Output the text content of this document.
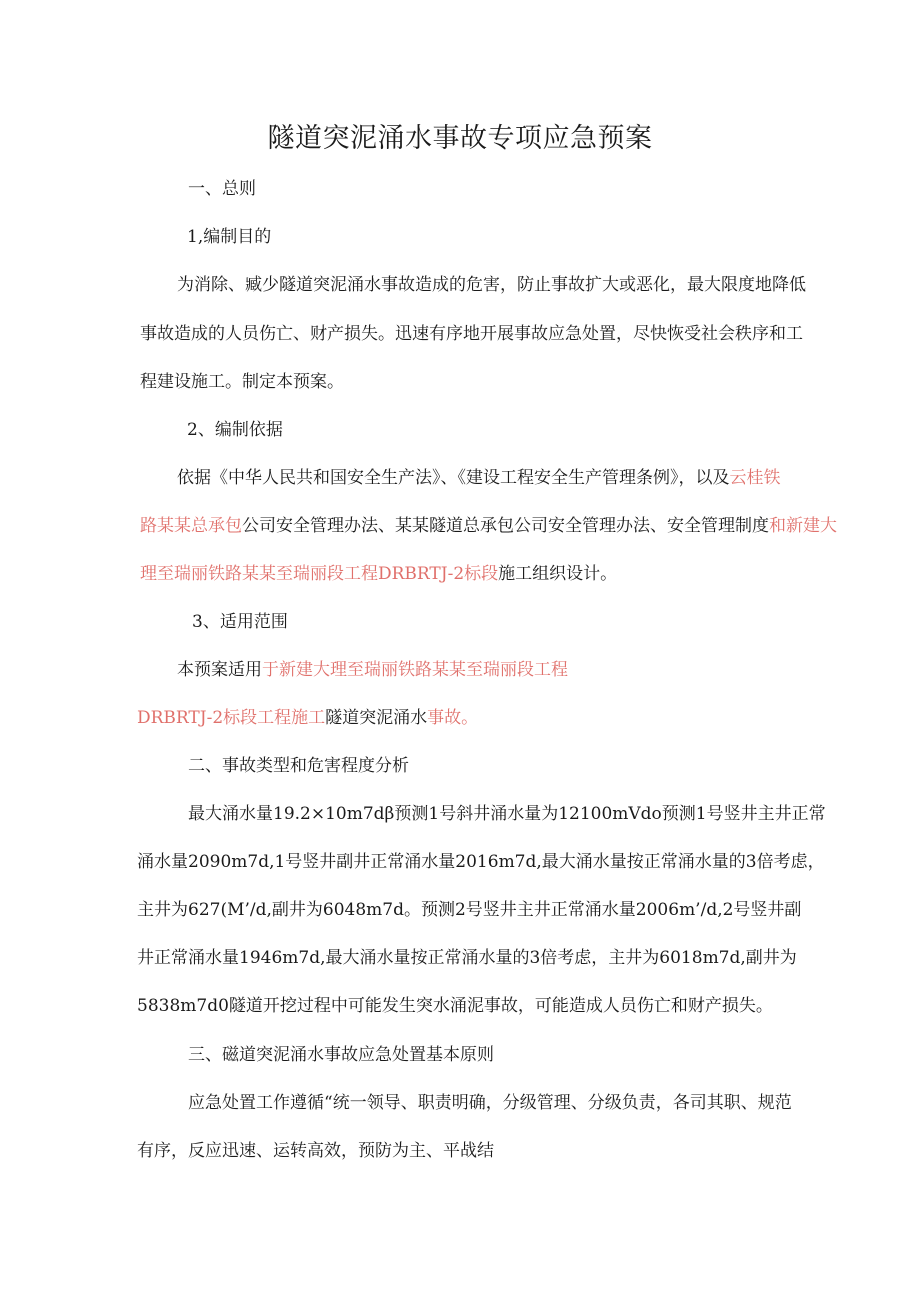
隧道突泥涌水事故专项应急预案
一、总则
1,编制目的
为消除、臧少隧道突泥涌水事故造成的危害，防止事故扩大或恶化，最大限度地降低
事故造成的人员伤亡、财产损失。迅速有序地开展事故应急处置，尽快恢受社会秩序和工
程建设施工。制定本预案。
2、编制依据
依据《中华人民共和国安全生产法》、《建设工程安全生产管理条例》，以及云桂铁
路某某总承包公司安全管理办法、某某隧道总承包公司安全管理办法、安全管理制度和新建大
理至瑞丽铁路某某至瑞丽段工程DRBRTJ-2标段施工组织设计。
3、适用范围
本预案适用于新建大理至瑞丽铁路某某至瑞丽段工程
DRBRTJ-2标段工程施工隧道突泥涌水事故。
二、事故类型和危害程度分析
最大涌水量19.2×10m7dβ预测1号斜井涌水量为12100mVdo预测1号竖井主井正常
涌水量2090m7d,1号竖井副井正常涌水量2016m7d,最大涌水量按正常涌水量的3倍考虑，
主井为627(M’/d,副井为6048m7d。预测2号竖井主井正常涌水量2006m’/d,2号竖井副
井正常涌水量1946m7d,最大涌水量按正常涌水量的3倍考虑，主井为6018m7d,副井为
5838m7d0隧道开挖过程中可能发生突水涌泥事故，可能造成人员伤亡和财产损失。
三、磁道突泥涌水事故应急处置基本原则
应急处置工作遵循“统一领导、职责明确，分级管理、分级负责，各司其职、规范
有序，反应迅速、运转高效，预防为主、平战结
